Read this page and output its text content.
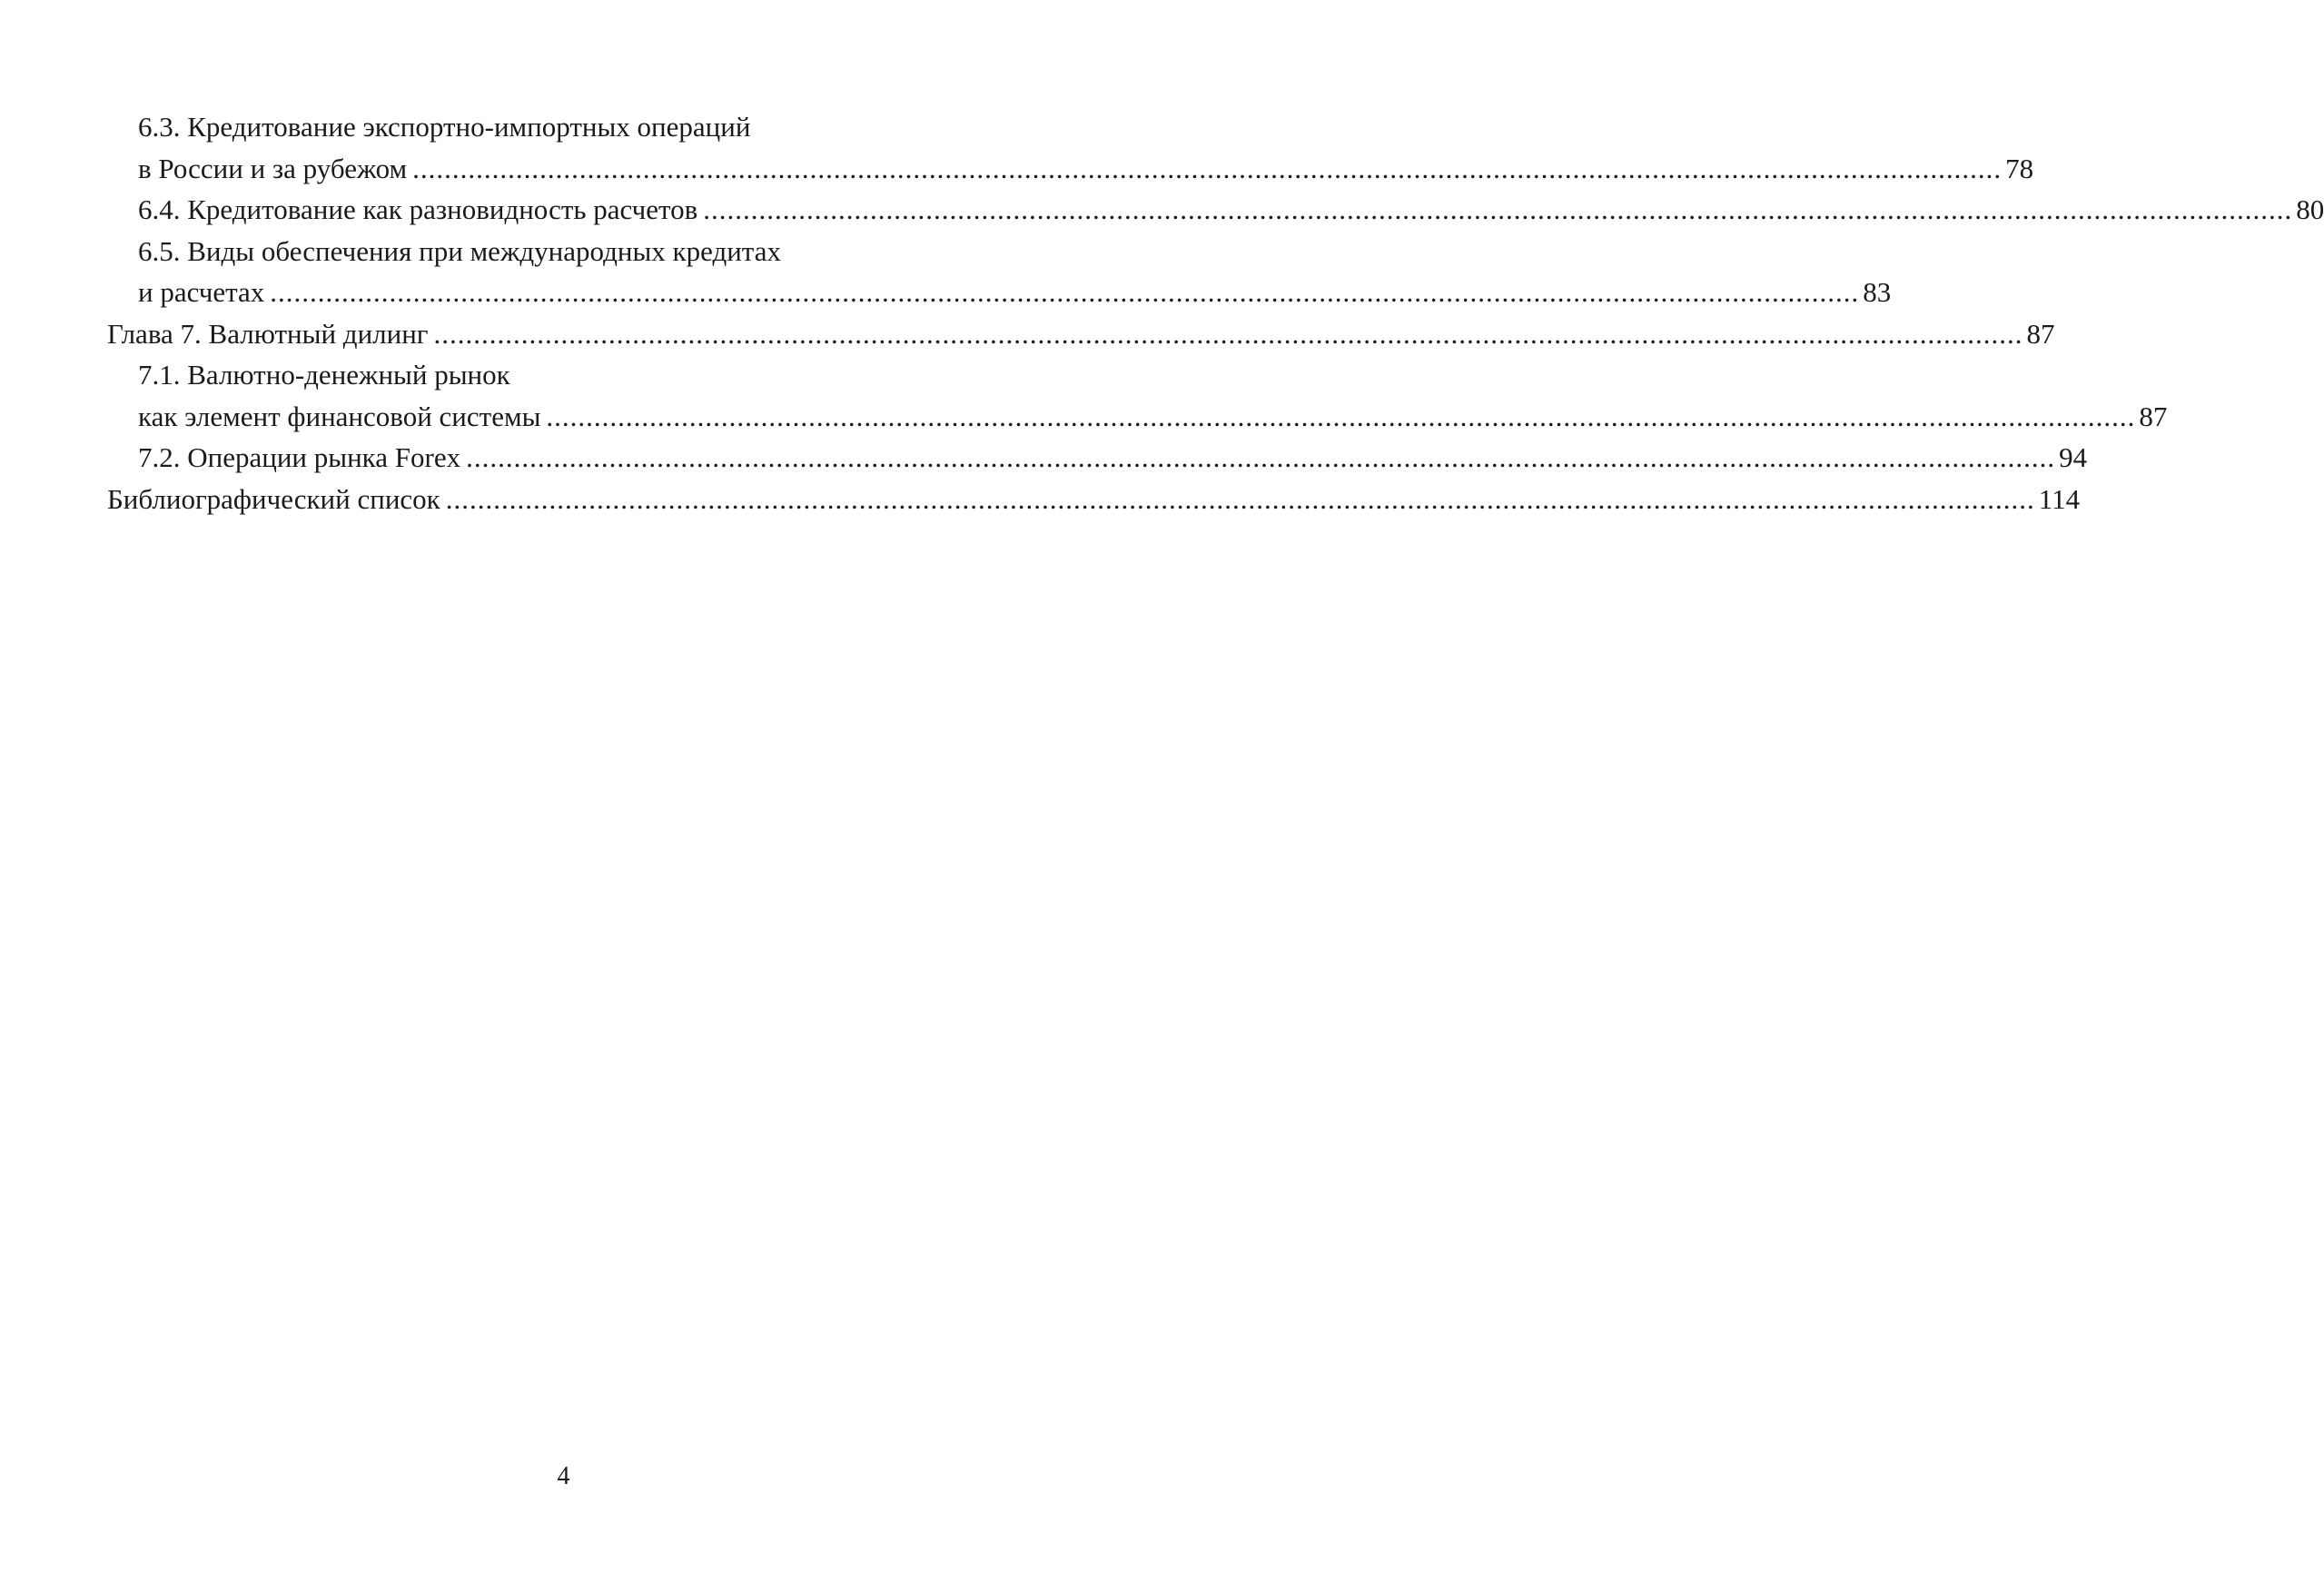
6.3. Кредитование экспортно-импортных операций
в России и за рубежом ........................................................................................................................................................................................................ 78
6.4. Кредитование как разновидность расчетов ........................................................................................................................................................................................................ 80
6.5. Виды обеспечения при международных кредитах
и расчетах ........................................................................................................................................................................................................ 83
Глава 7. Валютный дилинг ........................................................................................................................................................................................................ 87
7.1. Валютно-денежный рынок
как элемент финансовой системы ........................................................................................................................................................................................................ 87
7.2. Операции рынка Forex ........................................................................................................................................................................................................ 94
Библиографический список ........................................................................................................................................................................................................ 114
4
